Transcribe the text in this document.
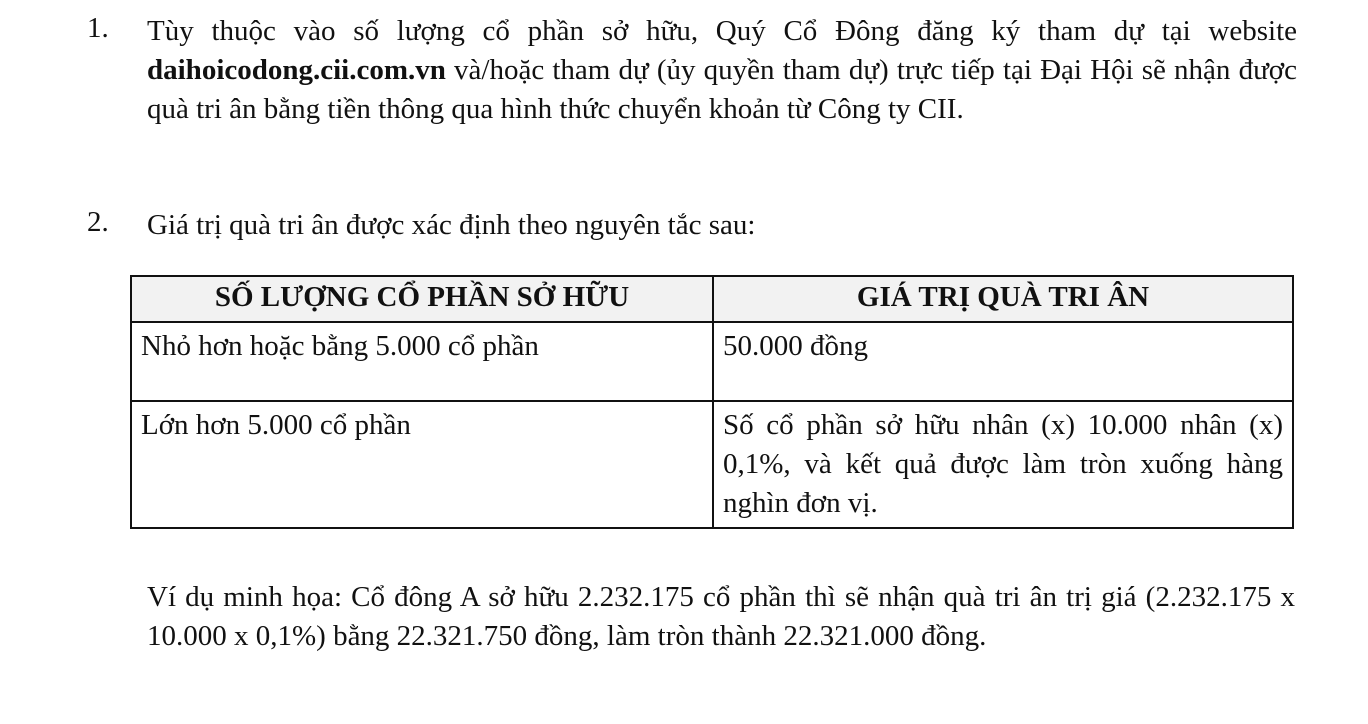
1.	Tùy thuộc vào số lượng cổ phần sở hữu, Quý Cổ Đông đăng ký tham dự tại website daihoicodong.cii.com.vn và/hoặc tham dự (ủy quyền tham dự) trực tiếp tại Đại Hội sẽ nhận được quà tri ân bằng tiền thông qua hình thức chuyển khoản từ Công ty CII.
2.	Giá trị quà tri ân được xác định theo nguyên tắc sau:
SỐ LƯỢNG CỔ PHẦN SỞ HỮU	GIÁ TRỊ QUÀ TRI ÂN
Nhỏ hơn hoặc bằng 5.000 cổ phần	50.000 đồng
Lớn hơn 5.000 cổ phần	Số cổ phần sở hữu nhân (x) 10.000 nhân (x) 0,1%, và kết quả được làm tròn xuống hàng nghìn đơn vị.
Ví dụ minh họa: Cổ đông A sở hữu 2.232.175 cổ phần thì sẽ nhận quà tri ân trị giá (2.232.175 x 10.000 x 0,1%) bằng 22.321.750 đồng, làm tròn thành 22.321.000 đồng.
